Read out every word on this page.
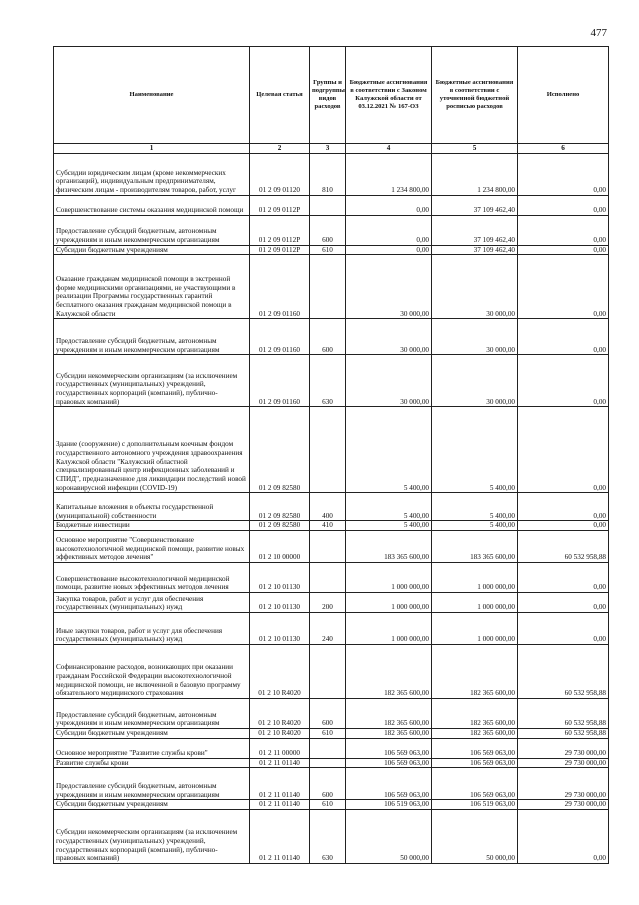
477
Наименование	Целевая статья	Группы и подгруппы видов расходов	Бюджетные ассигнования в соответствии с Законом Калужской области от 03.12.2021 № 167-ОЗ	Бюджетные ассигнования в соответствии с уточненной бюджетной росписью расходов	Исполнено
1	2	3	4	5	6
Субсидии юридическим лицам (кроме некоммерческих организаций), индивидуальным предпринимателям, физическим лицам - производителям товаров, работ, услуг	01 2 09 01120	810	1 234 800,00	1 234 800,00	0,00
Совершенствование системы оказания медицинской помощи	01 2 09 0112P		0,00	37 109 462,40	0,00
Предоставление субсидий бюджетным, автономным учреждениям и иным некоммерческим организациям	01 2 09 0112P	600	0,00	37 109 462,40	0,00
Субсидии бюджетным учреждениям	01 2 09 0112P	610	0,00	37 109 462,40	0,00
Оказание гражданам медицинской помощи в экстренной форме медицинскими организациями, не участвующими в реализации Программы государственных гарантий бесплатного оказания гражданам медицинской помощи в Калужской области	01 2 09 01160		30 000,00	30 000,00	0,00
Предоставление субсидий бюджетным, автономным учреждениям и иным некоммерческим организациям	01 2 09 01160	600	30 000,00	30 000,00	0,00
Субсидии некоммерческим организациям (за исключением государственных (муниципальных) учреждений, государственных корпораций (компаний), публично-правовых компаний)	01 2 09 01160	630	30 000,00	30 000,00	0,00
Здание (сооружение) с дополнительным коечным фондом государственного автономного учреждения здравоохранения Калужской области "Калужский областной специализированный центр инфекционных заболеваний и СПИД", предназначенное для ликвидации последствий новой коронавирусной инфекции (COVID-19)	01 2 09 82580		5 400,00	5 400,00	0,00
Капитальные вложения в объекты государственной (муниципальной) собственности	01 2 09 82580	400	5 400,00	5 400,00	0,00
Бюджетные инвестиции	01 2 09 82580	410	5 400,00	5 400,00	0,00
Основное мероприятие "Совершенствование высокотехнологичной медицинской помощи, развитие новых эффективных методов лечения"	01 2 10 00000		183 365 600,00	183 365 600,00	60 532 958,88
Совершенствование высокотехнологичной медицинской помощи, развитие новых эффективных методов лечения	01 2 10 01130		1 000 000,00	1 000 000,00	0,00
Закупка товаров, работ и услуг для обеспечения государственных (муниципальных) нужд	01 2 10 01130	200	1 000 000,00	1 000 000,00	0,00
Иные закупки товаров, работ и услуг для обеспечения государственных (муниципальных) нужд	01 2 10 01130	240	1 000 000,00	1 000 000,00	0,00
Софинансирование расходов, возникающих при оказании гражданам Российской Федерации высокотехнологичной медицинской помощи, не включенной в базовую программу обязательного медицинского страхования	01 2 10 R4020		182 365 600,00	182 365 600,00	60 532 958,88
Предоставление субсидий бюджетным, автономным учреждениям и иным некоммерческим организациям	01 2 10 R4020	600	182 365 600,00	182 365 600,00	60 532 958,88
Субсидии бюджетным учреждениям	01 2 10 R4020	610	182 365 600,00	182 365 600,00	60 532 958,88
Основное мероприятие "Развитие службы крови"	01 2 11 00000		106 569 063,00	106 569 063,00	29 730 000,00
Развитие службы крови	01 2 11 01140		106 569 063,00	106 569 063,00	29 730 000,00
Предоставление субсидий бюджетным, автономным учреждениям и иным некоммерческим организациям	01 2 11 01140	600	106 569 063,00	106 569 063,00	29 730 000,00
Субсидии бюджетным учреждениям	01 2 11 01140	610	106 519 063,00	106 519 063,00	29 730 000,00
Субсидии некоммерческим организациям (за исключением государственных (муниципальных) учреждений, государственных корпораций (компаний), публично-правовых компаний)	01 2 11 01140	630	50 000,00	50 000,00	0,00
